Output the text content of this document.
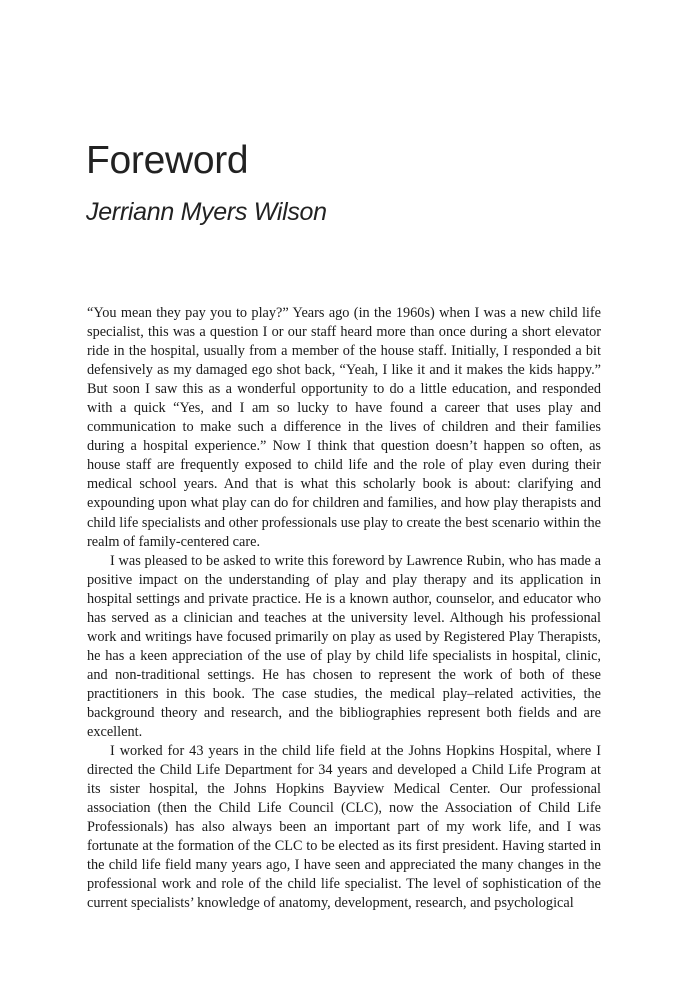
Foreword
Jerriann Myers Wilson

“You mean they pay you to play?” Years ago (in the 1960s) when I was a new child life specialist, this was a question I or our staff heard more than once during a short elevator ride in the hospital, usually from a member of the house staff. Initially, I responded a bit defensively as my damaged ego shot back, “Yeah, I like it and it makes the kids happy.” But soon I saw this as a wonderful opportunity to do a little education, and responded with a quick “Yes, and I am so lucky to have found a career that uses play and communication to make such a difference in the lives of children and their families during a hospital experience.” Now I think that question doesn’t happen so often, as house staff are frequently exposed to child life and the role of play even during their medical school years. And that is what this scholarly book is about: clarifying and expounding upon what play can do for children and families, and how play therapists and child life specialists and other professionals use play to create the best scenario within the realm of family-centered care.

I was pleased to be asked to write this foreword by Lawrence Rubin, who has made a positive impact on the understanding of play and play therapy and its application in hospital settings and private practice. He is a known author, counselor, and educator who has served as a clinician and teaches at the university level. Although his professional work and writings have focused primarily on play as used by Registered Play Therapists, he has a keen appreciation of the use of play by child life specialists in hospital, clinic, and non-traditional settings. He has chosen to represent the work of both of these practitioners in this book. The case studies, the medical play–related activities, the background theory and research, and the bibliographies represent both fields and are excellent.

I worked for 43 years in the child life field at the Johns Hopkins Hospital, where I directed the Child Life Department for 34 years and developed a Child Life Program at its sister hospital, the Johns Hopkins Bayview Medical Center. Our professional association (then the Child Life Council (CLC), now the Association of Child Life Professionals) has also always been an important part of my work life, and I was fortunate at the formation of the CLC to be elected as its first president. Having started in the child life field many years ago, I have seen and appreciated the many changes in the professional work and role of the child life specialist. The level of sophistication of the current specialists’ knowledge of anatomy, development, research, and psychological
